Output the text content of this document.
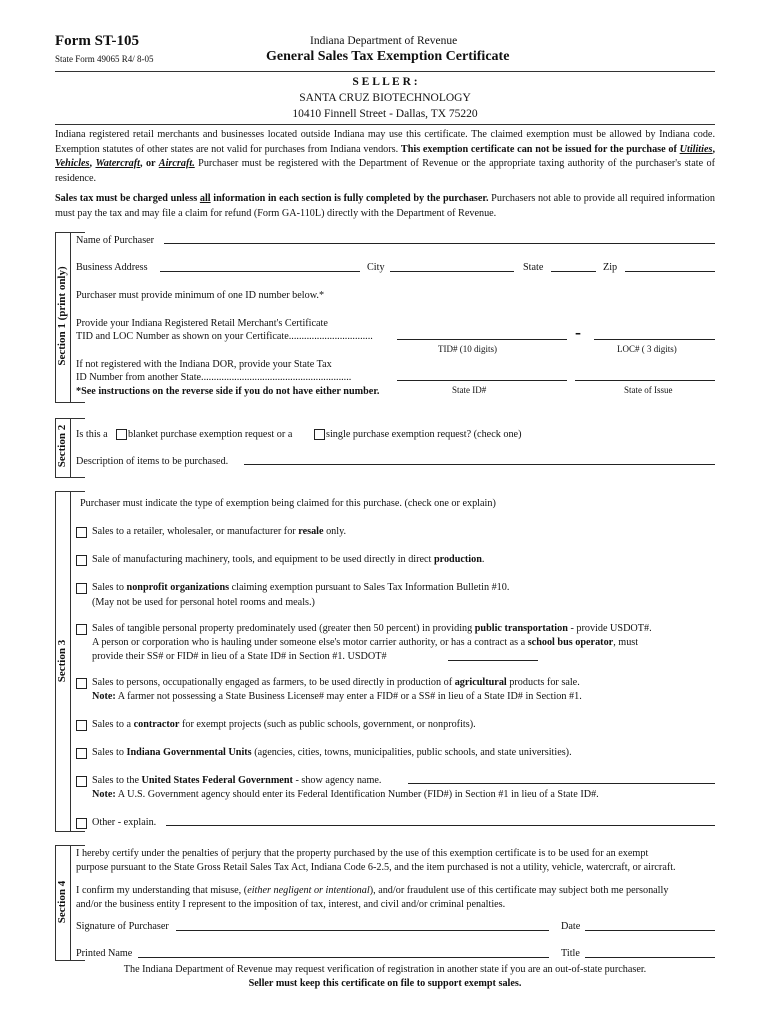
Form ST-105
State Form 49065 R4/ 8-05
Indiana Department of Revenue
General Sales Tax Exemption Certificate
S E L L E R :
SANTA CRUZ BIOTECHNOLOGY
10410 Finnell Street - Dallas, TX 75220
Indiana registered retail merchants and businesses located outside Indiana may use this certificate. The claimed exemption must be allowed by Indiana code. Exemption statutes of other states are not valid for purchases from Indiana vendors. This exemption certificate can not be issued for the purchase of Utilities, Vehicles, Watercraft, or Aircraft. Purchaser must be registered with the Department of Revenue or the appropriate taxing authority of the purchaser's state of residence.
Sales tax must be charged unless all information in each section is fully completed by the purchaser. Purchasers not able to provide all required information must pay the tax and may file a claim for refund (Form GA-110L) directly with the Department of Revenue.
Section 1 (print only)
Name of Purchaser
Business Address	City	State	Zip
Purchaser must provide minimum of one ID number below.*
Provide your Indiana Registered Retail Merchant's Certificate
TID and LOC Number as shown on your Certificate.................................	-
TID# (10 digits)	LOC# ( 3 digits)
If not registered with the Indiana DOR, provide your State Tax
ID Number from another State...........................................................
*See instructions on the reverse side if you do not have either number.	State ID#	State of Issue
Section 2 Is this a blanket purchase exemption request or a	single purchase exemption request? (check one)
Description of items to be purchased.
Section 3
Purchaser must indicate the type of exemption being claimed for this purchase. (check one or explain)
Sales to a retailer, wholesaler, or manufacturer for resale only.
Sale of manufacturing machinery, tools, and equipment to be used directly in direct production.
Sales to nonprofit organizations claiming exemption pursuant to Sales Tax Information Bulletin #10.
(May not be used for personal hotel rooms and meals.)
Sales of tangible personal property predominately used (greater then 50 percent) in providing public transportation - provide USDOT#.
A person or corporation who is hauling under someone else's motor carrier authority, or has a contract as a school bus operator, must
provide their SS# or FID# in lieu of a State ID# in Section #1. USDOT#
Sales to persons, occupationally engaged as farmers, to be used directly in production of agricultural products for sale.
Note: A farmer not possessing a State Business License# may enter a FID# or a SS# in lieu of a State ID# in Section #1.
Sales to a contractor for exempt projects (such as public schools, government, or nonprofits).
Sales to Indiana Governmental Units (agencies, cities, towns, municipalities, public schools, and state universities).
Sales to the United States Federal Government - show agency name.
Note: A U.S. Government agency should enter its Federal Identification Number (FID#) in Section #1 in lieu of a State ID#.
Other - explain.
Section 4
I hereby certify under the penalties of perjury that the property purchased by the use of this exemption certificate is to be used for an exempt
purpose pursuant to the State Gross Retail Sales Tax Act, Indiana Code 6-2.5, and the item purchased is not a utility, vehicle, watercraft, or aircraft.
I confirm my understanding that misuse, (either negligent or intentional), and/or fraudulent use of this certificate may subject both me personally
and/or the business entity I represent to the imposition of tax, interest, and civil and/or criminal penalties.
Signature of Purchaser	Date
Printed Name	Title
The Indiana Department of Revenue may request verification of registration in another state if you are an out-of-state purchaser.
Seller must keep this certificate on file to support exempt sales.
